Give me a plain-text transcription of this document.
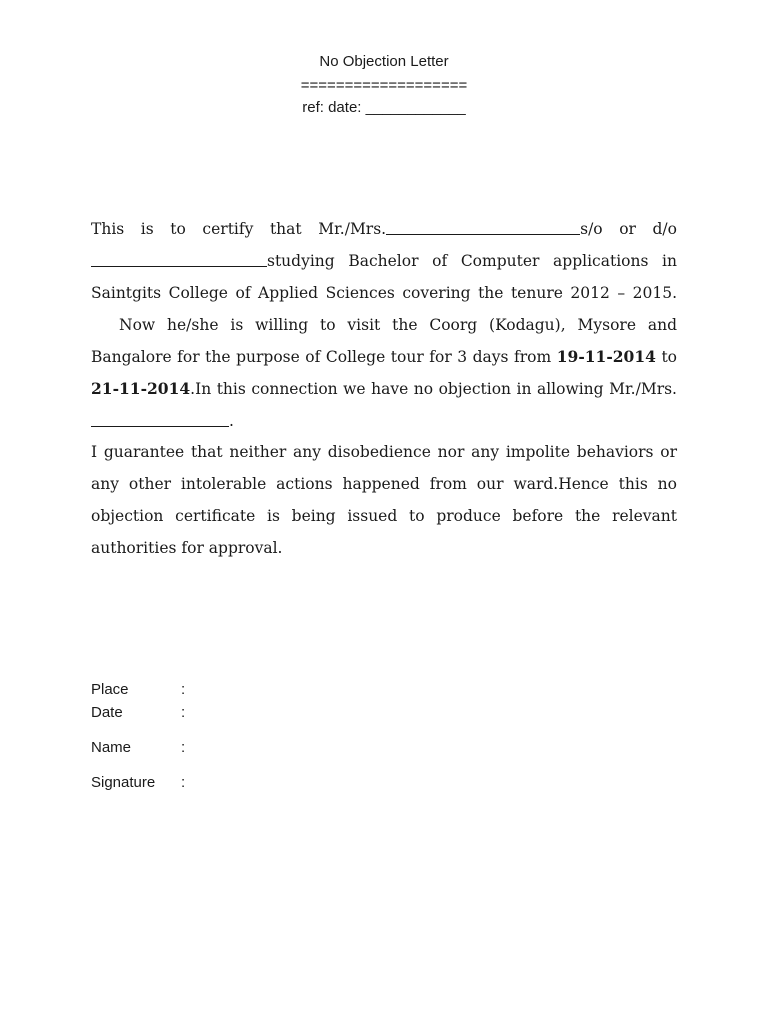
No Objection Letter
===================
ref: date: ____________

This is to certify that Mr./Mrs.	s/o or d/ostudying Bachelor of Computer applications in Saintgits College of Applied Sciences covering the tenure 2012 – 2015.Now he/she is willing to visit the Coorg (Kodagu), Mysore and Bangalore for the purpose of College tour for 3 days from 19-11-2014 to 21-11-2014.In this connection we have no objection in allowing Mr./Mrs..

I guarantee that neither any disobedience nor any impolite behaviors or any other intolerable actions happened from our ward.Hence this no objection certificate is being issued to produce before the relevant authorities for approval.

Place	:
Date	:
Name	:
Signature :
